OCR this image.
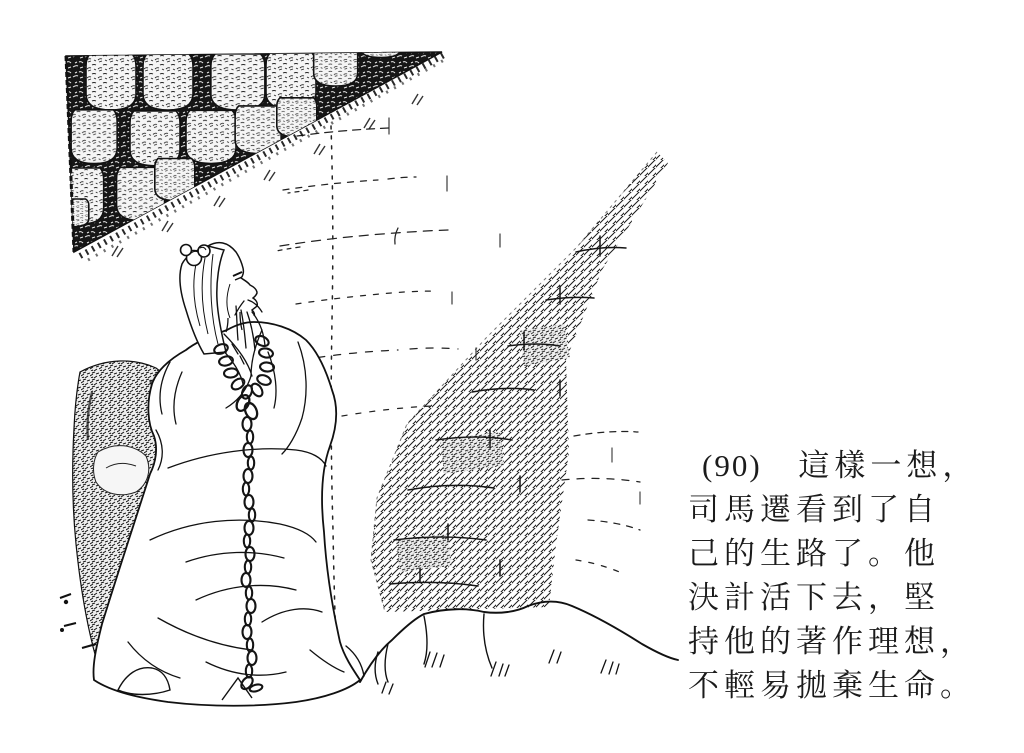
(90) 這樣一想，
司馬遷看到了自
己的生路了。他
決計活下去，堅
持他的著作理想，
不輕易拋棄生命。
